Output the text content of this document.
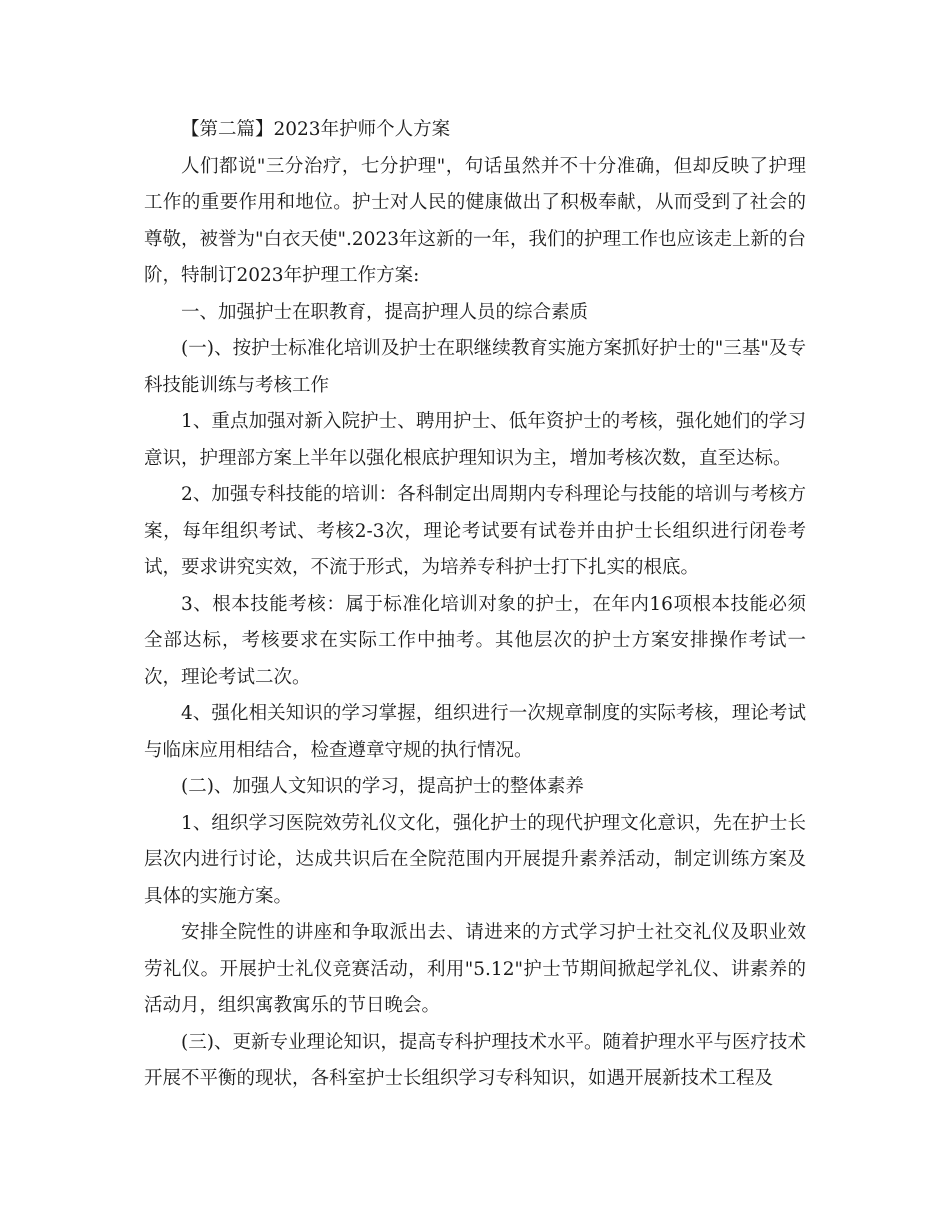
【第二篇】2023年护师个人方案

人们都说"三分治疗，七分护理"，句话虽然并不十分准确，但却反映了护理工作的重要作用和地位。护士对人民的健康做出了积极奉献，从而受到了社会的尊敬，被誉为"白衣天使".2023年这新的一年，我们的护理工作也应该走上新的台阶，特制订2023年护理工作方案:

一、加强护士在职教育，提高护理人员的综合素质

(一)、按护士标准化培训及护士在职继续教育实施方案抓好护士的"三基"及专科技能训练与考核工作

1、重点加强对新入院护士、聘用护士、低年资护士的考核，强化她们的学习意识，护理部方案上半年以强化根底护理知识为主，增加考核次数，直至达标。

2、加强专科技能的培训：各科制定出周期内专科理论与技能的培训与考核方案，每年组织考试、考核2-3次，理论考试要有试卷并由护士长组织进行闭卷考试，要求讲究实效，不流于形式，为培养专科护士打下扎实的根底。

3、根本技能考核：属于标准化培训对象的护士，在年内16项根本技能必须全部达标，考核要求在实际工作中抽考。其他层次的护士方案安排操作考试一次，理论考试二次。

4、强化相关知识的学习掌握，组织进行一次规章制度的实际考核，理论考试与临床应用相结合，检查遵章守规的执行情况。

(二)、加强人文知识的学习，提高护士的整体素养

1、组织学习医院效劳礼仪文化，强化护士的现代护理文化意识，先在护士长层次内进行讨论，达成共识后在全院范围内开展提升素养活动，制定训练方案及具体的实施方案。

安排全院性的讲座和争取派出去、请进来的方式学习护士社交礼仪及职业效劳礼仪。开展护士礼仪竞赛活动，利用"5.12"护士节期间掀起学礼仪、讲素养的活动月，组织寓教寓乐的节日晚会。

(三)、更新专业理论知识，提高专科护理技术水平。随着护理水平与医疗技术开展不平衡的现状，各科室护士长组织学习专科知识，如遇开展新技术工程及
